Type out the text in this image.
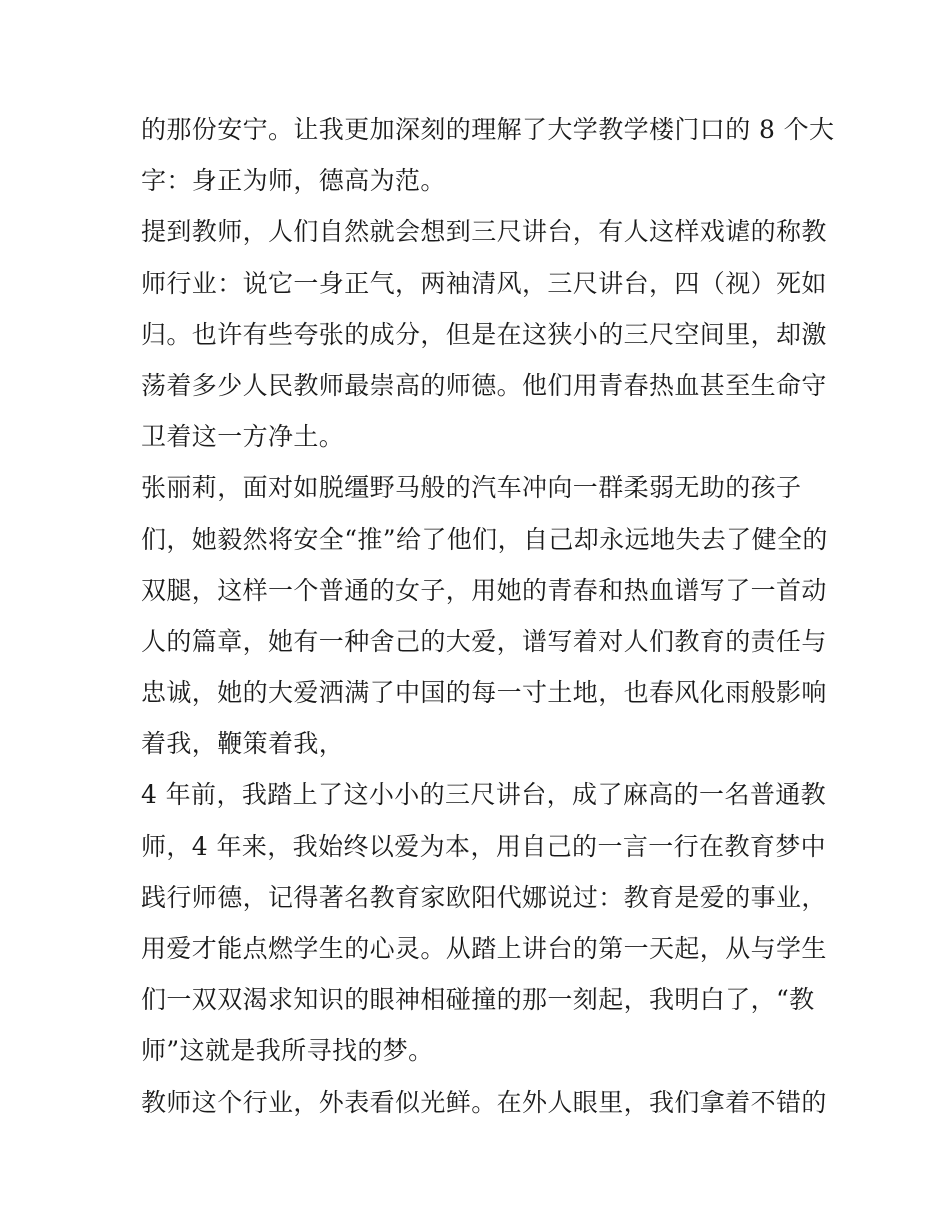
的那份安宁。让我更加深刻的理解了大学教学楼门口的 8 个大
字：身正为师，德高为范。
提到教师，人们自然就会想到三尺讲台，有人这样戏谑的称教
师行业：说它一身正气，两袖清风，三尺讲台，四（视）死如
归。也许有些夸张的成分，但是在这狭小的三尺空间里，却激
荡着多少人民教师最崇高的师德。他们用青春热血甚至生命守
卫着这一方净土。
张丽莉，面对如脱缰野马般的汽车冲向一群柔弱无助的孩子
们，她毅然将安全“推”给了他们，自己却永远地失去了健全的
双腿，这样一个普通的女子，用她的青春和热血谱写了一首动
人的篇章，她有一种舍己的大爱，谱写着对人们教育的责任与
忠诚，她的大爱洒满了中国的每一寸土地，也春风化雨般影响
着我，鞭策着我，
4 年前，我踏上了这小小的三尺讲台，成了麻高的一名普通教
师，4 年来，我始终以爱为本，用自己的一言一行在教育梦中
践行师德，记得著名教育家欧阳代娜说过：教育是爱的事业，
用爱才能点燃学生的心灵。从踏上讲台的第一天起，从与学生
们一双双渴求知识的眼神相碰撞的那一刻起，我明白了，“教
师”这就是我所寻找的梦。
教师这个行业，外表看似光鲜。在外人眼里，我们拿着不错的
